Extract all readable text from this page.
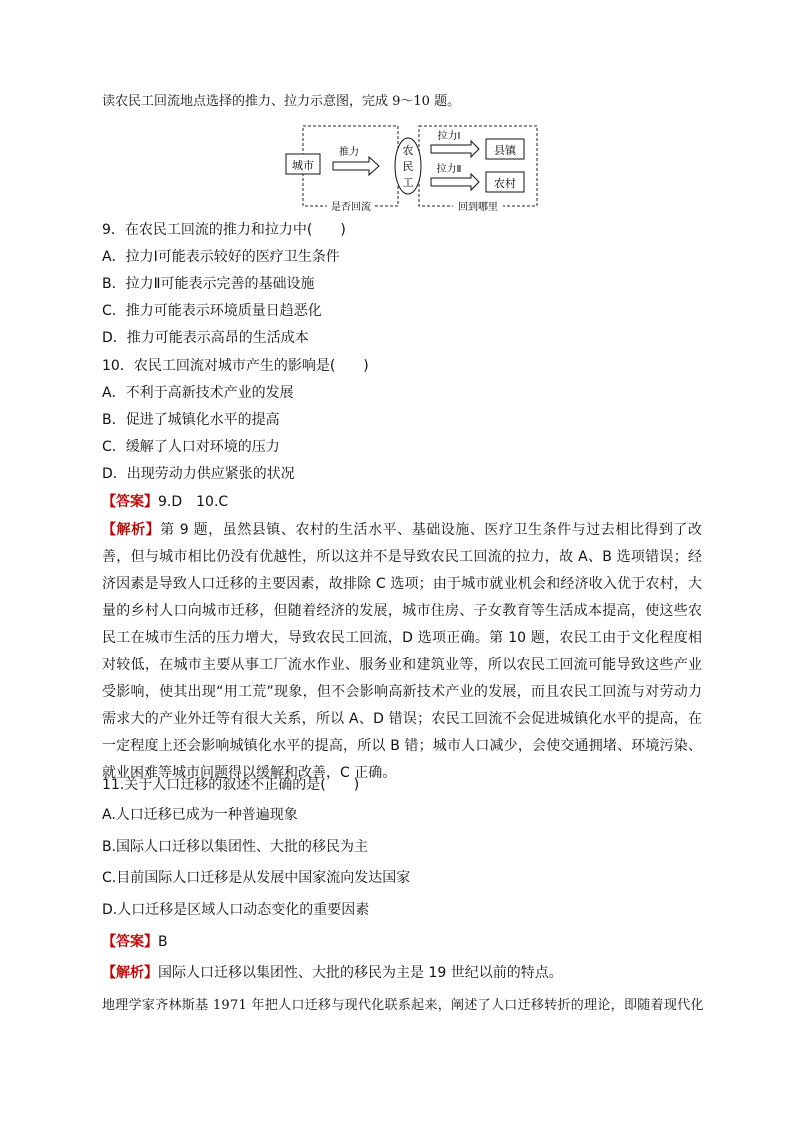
读农民工回流地点选择的推力、拉力示意图，完成 9～10 题。
城市
推力	农
民
工
拉力Ⅰ
拉力Ⅱ
县镇
农村
是否回流	回到哪里
9．在农民工回流的推力和拉力中(　　)
A．拉力Ⅰ可能表示较好的医疗卫生条件
B．拉力Ⅱ可能表示完善的基础设施
C．推力可能表示环境质量日趋恶化
D．推力可能表示高昂的生活成本
10．农民工回流对城市产生的影响是(　　)
A．不利于高新技术产业的发展
B．促进了城镇化水平的提高
C．缓解了人口对环境的压力
D．出现劳动力供应紧张的状况
【答案】9.D　10.C
【解析】第 9 题，虽然县镇、农村的生活水平、基础设施、医疗卫生条件与过去相比得到了改善，但与城市相比仍没有优越性，所以这并不是导致农民工回流的拉力，故 A、B 选项错误；经济因素是导致人口迁移的主要因素，故排除 C 选项；由于城市就业机会和经济收入优于农村，大量的乡村人口向城市迁移，但随着经济的发展，城市住房、子女教育等生活成本提高，使这些农民工在城市生活的压力增大，导致农民工回流，D 选项正确。第 10 题，农民工由于文化程度相对较低，在城市主要从事工厂流水作业、服务业和建筑业等，所以农民工回流可能导致这些产业受影响，使其出现“用工荒”现象，但不会影响高新技术产业的发展，而且农民工回流与对劳动力需求大的产业外迁等有很大关系，所以 A、D 错误；农民工回流不会促进城镇化水平的提高，在一定程度上还会影响城镇化水平的提高，所以 B 错；城市人口减少，会使交通拥堵、环境污染、就业困难等城市问题得以缓解和改善，C 正确。
11.关于人口迁移的叙述不正确的是(　　)
A.人口迁移已成为一种普遍现象
B.国际人口迁移以集团性、大批的移民为主
C.目前国际人口迁移是从发展中国家流向发达国家
D.人口迁移是区域人口动态变化的重要因素
【答案】B
【解析】国际人口迁移以集团性、大批的移民为主是 19 世纪以前的特点。
地理学家齐林斯基 1971 年把人口迁移与现代化联系起来，阐述了人口迁移转折的理论，即随着现代化
